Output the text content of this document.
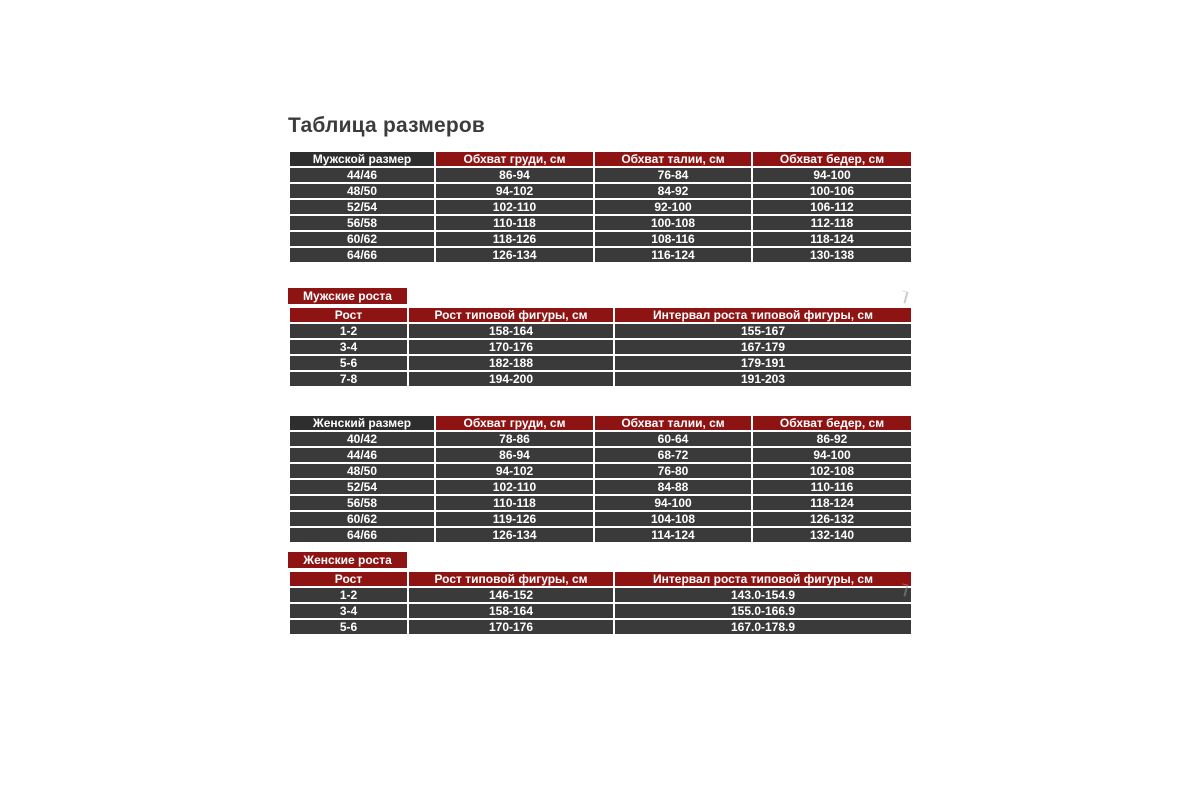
Таблица размеров
Мужской размер	Обхват груди, см	Обхват талии, см	Обхват бедер, см
44/46	86-94	76-84	94-100
48/50	94-102	84-92	100-106
52/54	102-110	92-100	106-112
56/58	110-118	100-108	112-118
60/62	118-126	108-116	118-124
64/66	126-134	116-124	130-138
Мужские роста
Рост	Рост типовой фигуры, см	Интервал роста типовой фигуры, см
1-2	158-164	155-167
3-4	170-176	167-179
5-6	182-188	179-191
7-8	194-200	191-203
Женский размер	Обхват груди, см	Обхват талии, см	Обхват бедер, см
40/42	78-86	60-64	86-92
44/46	86-94	68-72	94-100
48/50	94-102	76-80	102-108
52/54	102-110	84-88	110-116
56/58	110-118	94-100	118-124
60/62	119-126	104-108	126-132
64/66	126-134	114-124	132-140
Женские роста
Рост	Рост типовой фигуры, см	Интервал роста типовой фигуры, см
1-2	146-152	143.0-154.9
3-4	158-164	155.0-166.9
5-6	170-176	167.0-178.9
